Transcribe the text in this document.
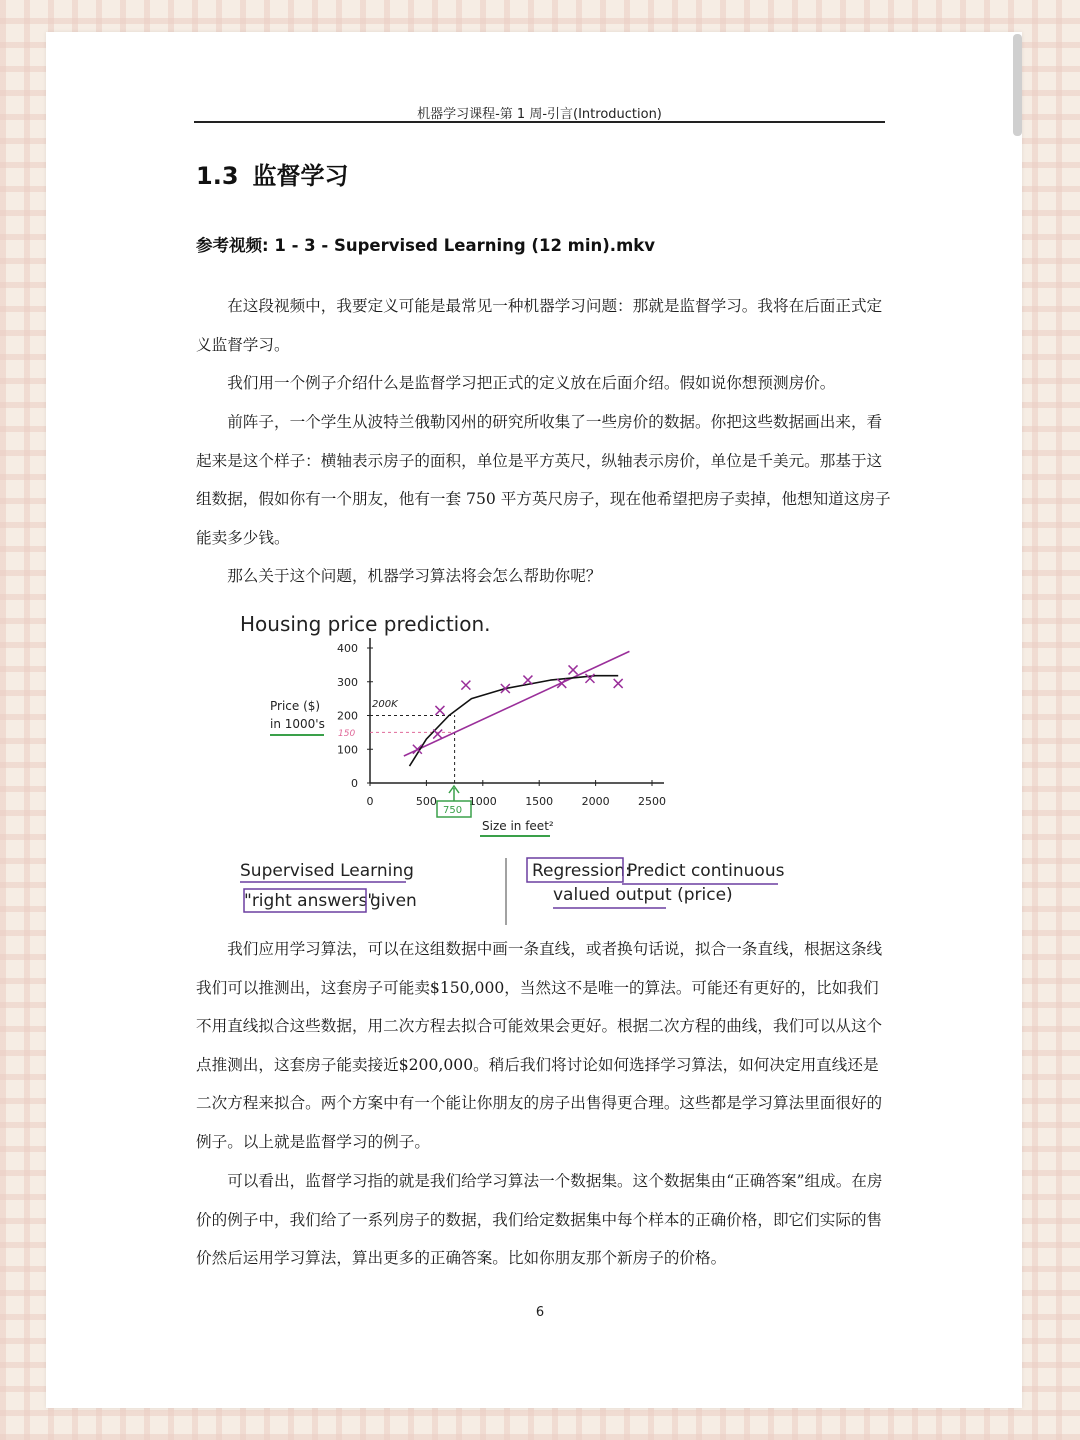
机器学习课程-第 1 周-引言(Introduction)
1.3 监督学习
参考视频: 1 - 3 - Supervised Learning (12 min).mkv

在这段视频中，我要定义可能是最常见一种机器学习问题：那就是监督学习。我将在后面正式定义监督学习。

我们用一个例子介绍什么是监督学习把正式的定义放在后面介绍。假如说你想预测房价。

前阵子，一个学生从波特兰俄勒冈州的研究所收集了一些房价的数据。你把这些数据画出来，看起来是这个样子：横轴表示房子的面积，单位是平方英尺，纵轴表示房价，单位是千美元。那基于这组数据，假如你有一个朋友，他有一套 750 平方英尺房子，现在他希望把房子卖掉，他想知道这房子能卖多少钱。

那么关于这个问题，机器学习算法将会怎么帮助你呢？

Housing price prediction.
Price ($)
in 1000's
Size in feet²
0	500	1000	1500	2000	2500
0
100
200
300
400
200K
150
750
Supervised Learning
"right answers"
given
Regression:
Predict continuous
valued output (price)

我们应用学习算法，可以在这组数据中画一条直线，或者换句话说，拟合一条直线，根据这条线我们可以推测出，这套房子可能卖$150,000，当然这不是唯一的算法。可能还有更好的，比如我们不用直线拟合这些数据，用二次方程去拟合可能效果会更好。根据二次方程的曲线，我们可以从这个点推测出，这套房子能卖接近$200,000。稍后我们将讨论如何选择学习算法，如何决定用直线还是二次方程来拟合。两个方案中有一个能让你朋友的房子出售得更合理。这些都是学习算法里面很好的例子。以上就是监督学习的例子。

可以看出，监督学习指的就是我们给学习算法一个数据集。这个数据集由“正确答案”组成。在房价的例子中，我们给了一系列房子的数据，我们给定数据集中每个样本的正确价格，即它们实际的售价然后运用学习算法，算出更多的正确答案。比如你朋友那个新房子的价格。

6
